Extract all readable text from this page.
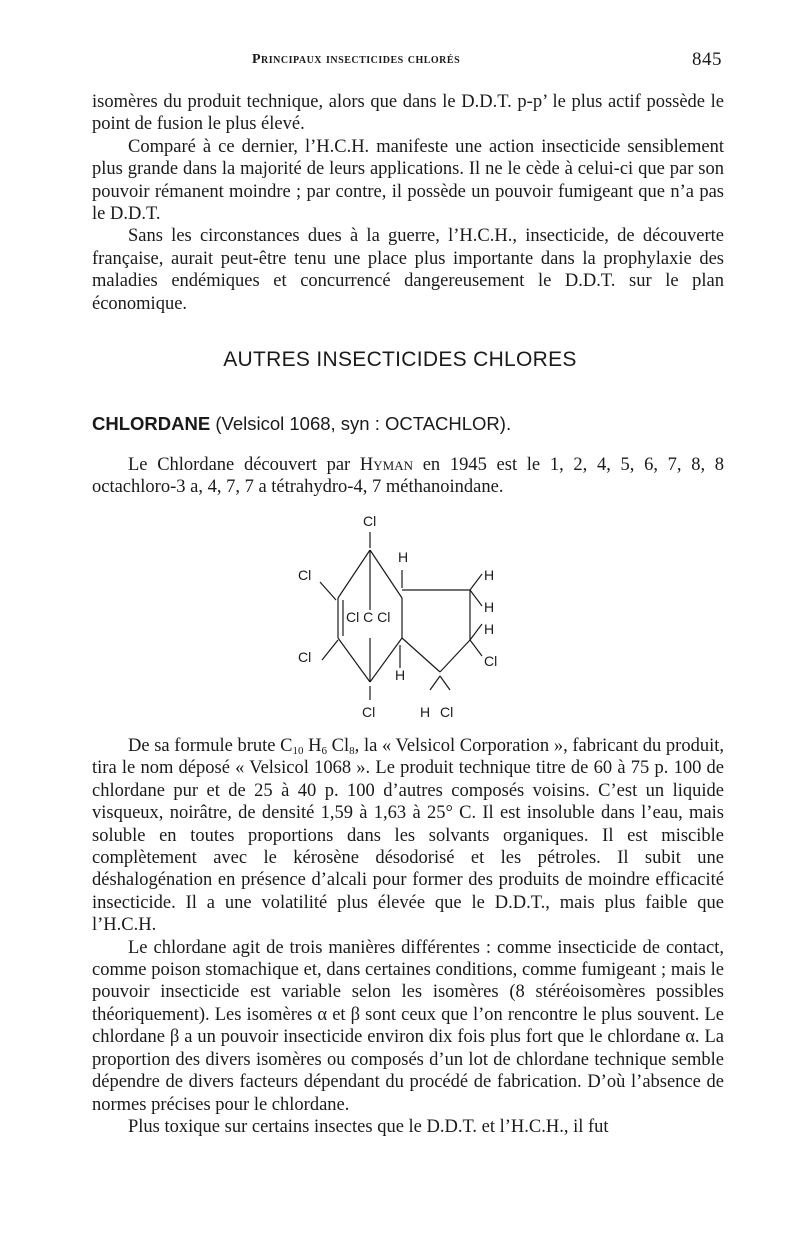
Principaux insecticides chlorés	845

isomères du produit technique, alors que dans le D.D.T. p-p’ le plus actif possède le point de fusion le plus élevé.

Comparé à ce dernier, l’H.C.H. manifeste une action insecticide sensiblement plus grande dans la majorité de leurs applications. Il ne le cède à celui-ci que par son pouvoir rémanent moindre ; par contre, il possède un pouvoir fumigeant que n’a pas le D.D.T.

Sans les circonstances dues à la guerre, l’H.C.H., insecticide, de découverte française, aurait peut-être tenu une place plus importante dans la prophylaxie des maladies endémiques et concurrencé dangereusement le D.D.T. sur le plan économique.

AUTRES INSECTICIDES CHLORES
CHLORDANE (Velsicol 1068, syn : OCTACHLOR).

Le Chlordane découvert par Hyman en 1945 est le 1, 2, 4, 5, 6, 7, 8, 8 octachloro-3 a, 4, 7, 7 a tétrahydro-4, 7 méthanoindane.

Cl
H
Cl	H
H
H
Cl C Cl
Cl	Cl
H
Cl	H Cl

De sa formule brute $C_{10}$ $H_6$ $Cl_8$, la « Velsicol Corporation », fabricant du produit, tira le nom déposé « Velsicol 1068 ». Le produit technique titre de 60 à 75 p. 100 de chlordane pur et de 25 à 40 p. 100 d’autres composés voisins. C’est un liquide visqueux, noirâtre, de densité 1,59 à 1,63 à 25° C. Il est insoluble dans l’eau, mais soluble en toutes proportions dans les solvants organiques. Il est miscible complètement avec le kérosène désodorisé et les pétroles. Il subit une déshalogénation en présence d’alcali pour former des produits de moindre efficacité insecticide. Il a une volatilité plus élevée que le D.D.T., mais plus faible que l’H.C.H.

Le chlordane agit de trois manières différentes : comme insecticide de contact, comme poison stomachique et, dans certaines conditions, comme fumigeant ; mais le pouvoir insecticide est variable selon les isomères (8 stéréoisomères possibles théoriquement). Les isomères α et β sont ceux que l’on rencontre le plus souvent. Le chlordane β a un pouvoir insecticide environ dix fois plus fort que le chlordane α. La proportion des divers isomères ou composés d’un lot de chlordane technique semble dépendre de divers facteurs dépendant du procédé de fabrication. D’où l’absence de normes précises pour le chlordane.

Plus toxique sur certains insectes que le D.D.T. et l’H.C.H., il fut
